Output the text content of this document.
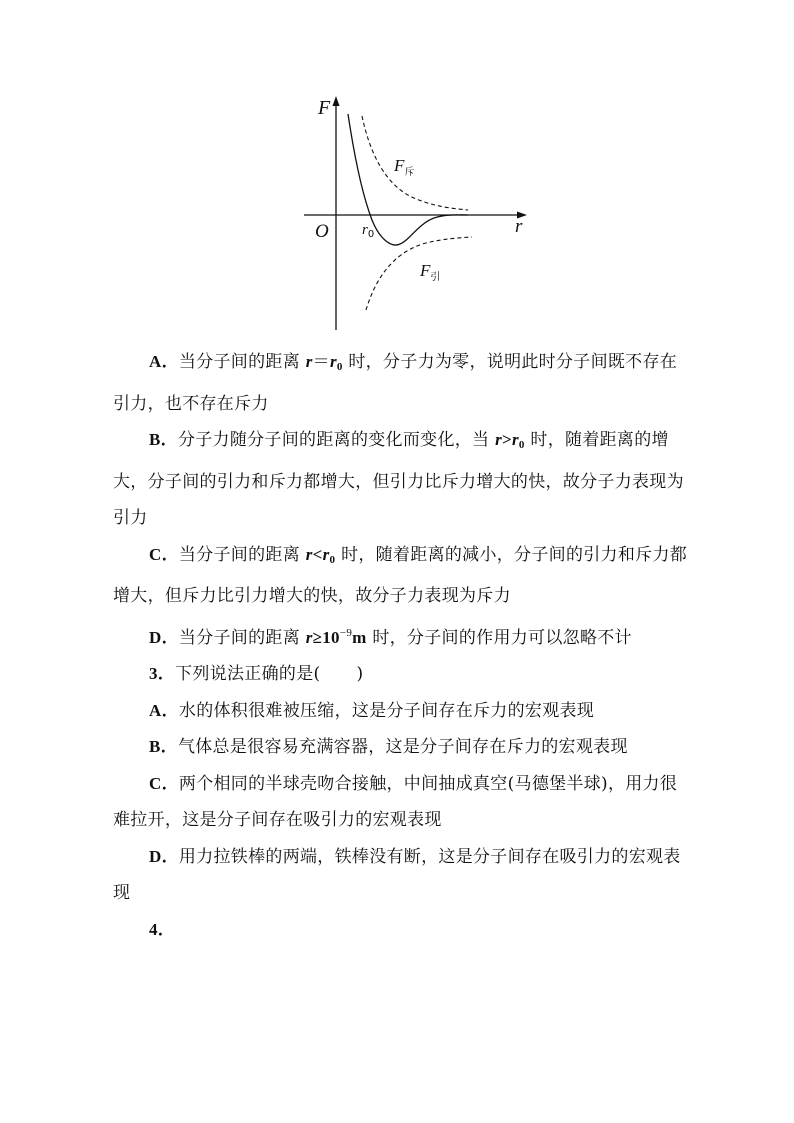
F
r
O $r_0$
$F_斥$
$F_引$

A．当分子间的距离 r＝r0 时，分子力为零，说明此时分子间既不存在引力，也不存在斥力

B．分子力随分子间的距离的变化而变化，当 r>r0 时，随着距离的增大，分子间的引力和斥力都增大，但引力比斥力增大的快，故分子力表现为引力

C．当分子间的距离 r<r0 时，随着距离的减小，分子间的引力和斥力都增大，但斥力比引力增大的快，故分子力表现为斥力

D．当分子间的距离 $r\ge 10^{-9}m$ 时，分子间的作用力可以忽略不计

3．下列说法正确的是( )

A．水的体积很难被压缩，这是分子间存在斥力的宏观表现

B．气体总是很容易充满容器，这是分子间存在斥力的宏观表现

C．两个相同的半球壳吻合接触，中间抽成真空(马德堡半球)，用力很难拉开，这是分子间存在吸引力的宏观表现

D．用力拉铁棒的两端，铁棒没有断，这是分子间存在吸引力的宏观表现

4．
